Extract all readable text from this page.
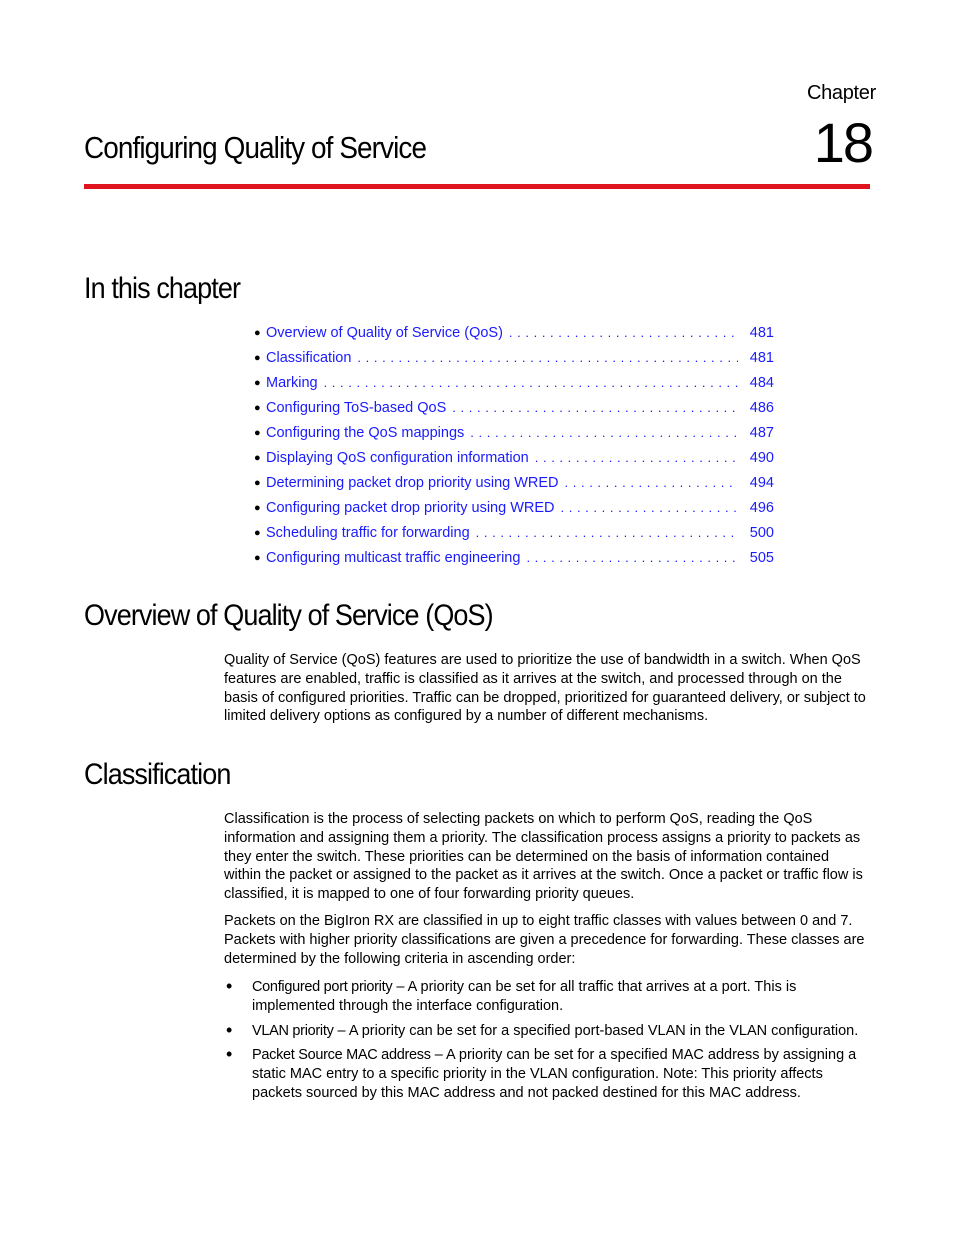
Chapter
18
Configuring Quality of Service
In this chapter
● Overview of Quality of Service (QoS) . . .	481
● Classification . . .	481
● Marking . . .	484
● Configuring ToS-based QoS . . .	486
● Configuring the QoS mappings . . .	487
● Displaying QoS configuration information . . .	490
● Determining packet drop priority using WRED . . .	494
● Configuring packet drop priority using WRED . . .	496
● Scheduling traffic for forwarding . . .	500
● Configuring multicast traffic engineering . . .	505
Overview of Quality of Service (QoS)

Quality of Service (QoS) features are used to prioritize the use of bandwidth in a switch. When QoS features are enabled, traffic is classified as it arrives at the switch, and processed through on the basis of configured priorities. Traffic can be dropped, prioritized for guaranteed delivery, or subject to limited delivery options as configured by a number of different mechanisms.

Classification

Classification is the process of selecting packets on which to perform QoS, reading the QoS information and assigning them a priority. The classification process assigns a priority to packets as they enter the switch. These priorities can be determined on the basis of information contained within the packet or assigned to the packet as it arrives at the switch. Once a packet or traffic flow is classified, it is mapped to one of four forwarding priority queues.

Packets on the BigIron RX are classified in up to eight traffic classes with values between 0 and 7. Packets with higher priority classifications are given a precedence for forwarding. These classes are determined by the following criteria in ascending order:

• Configured port priority – A priority can be set for all traffic that arrives at a port. This is implemented through the interface configuration.
• VLAN priority – A priority can be set for a specified port-based VLAN in the VLAN configuration.
• Packet Source MAC address – A priority can be set for a specified MAC address by assigning a static MAC entry to a specific priority in the VLAN configuration. Note: This priority affects packets sourced by this MAC address and not packed destined for this MAC address.
